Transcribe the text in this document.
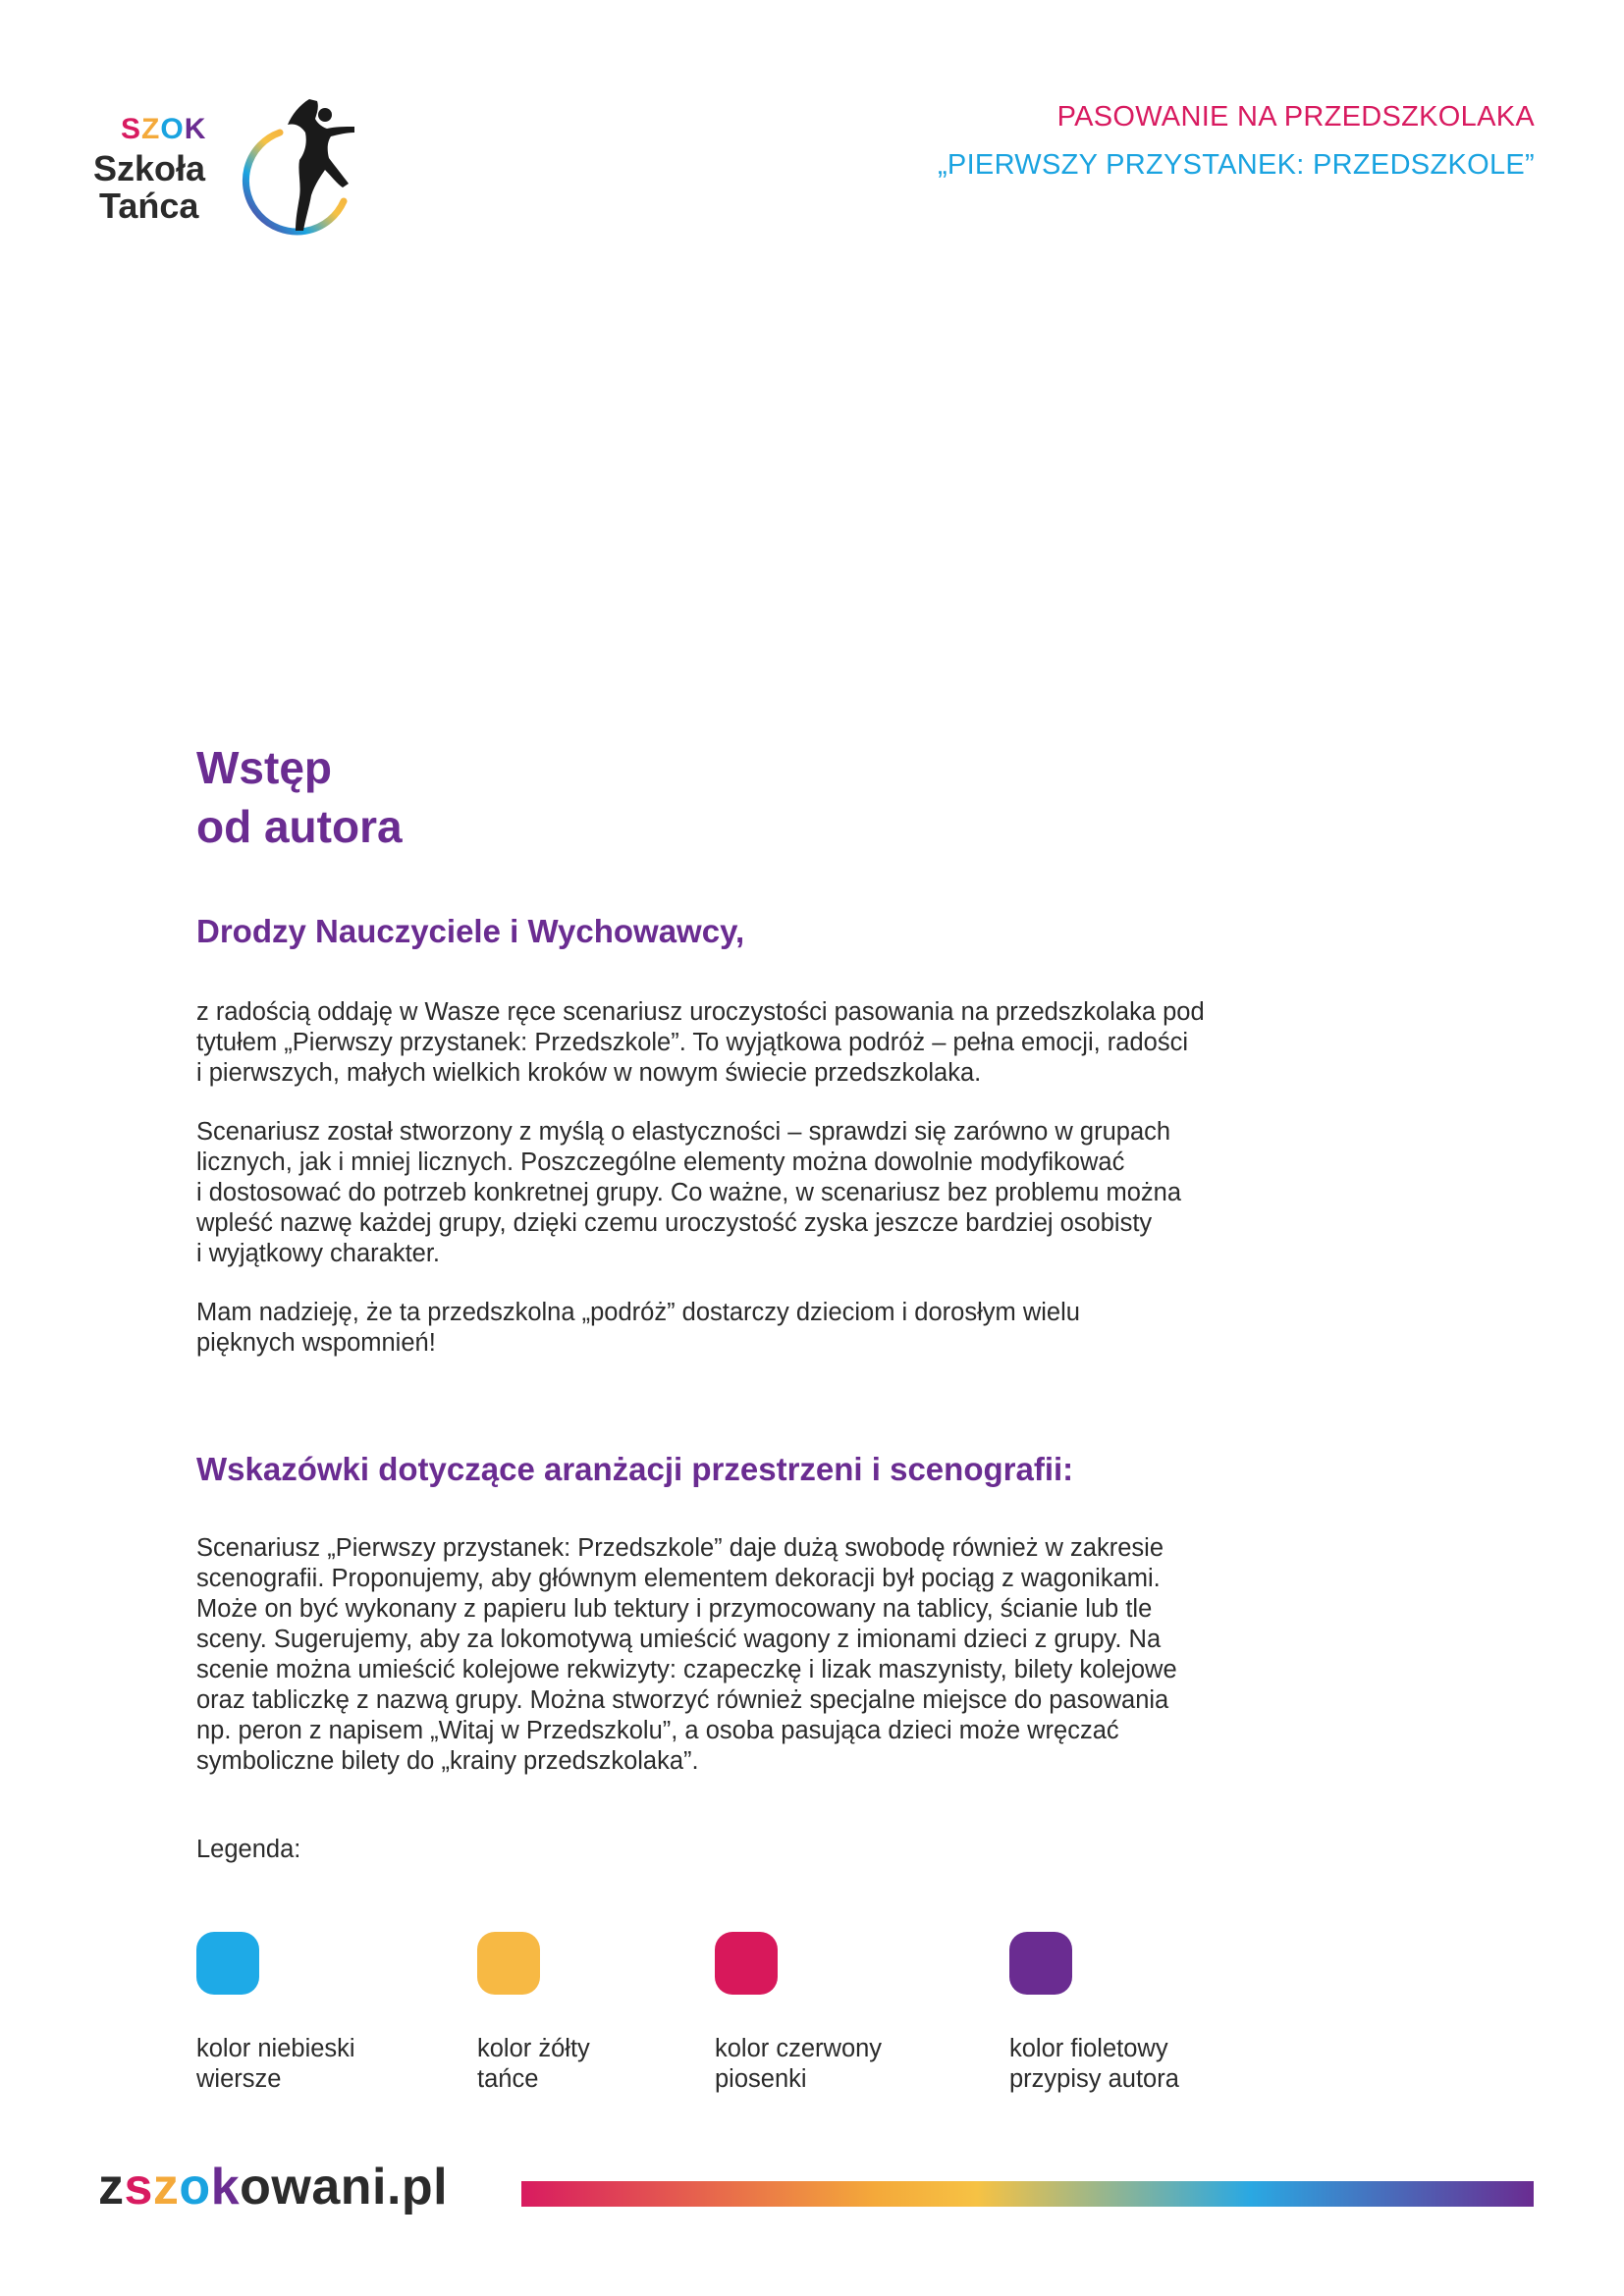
SZOK
Szkoła
Tańca
PASOWANIE NA PRZEDSZKOLAKA
„PIERWSZY PRZYSTANEK: PRZEDSZKOLE”
Wstęp
od autora
Drodzy Nauczyciele i Wychowawcy,
z radością oddaję w Wasze ręce scenariusz uroczystości pasowania na przedszkolaka pod
tytułem „Pierwszy przystanek: Przedszkole”. To wyjątkowa podróż – pełna emocji, radości
i pierwszych, małych wielkich kroków w nowym świecie przedszkolaka.
Scenariusz został stworzony z myślą o elastyczności – sprawdzi się zarówno w grupach
licznych, jak i mniej licznych. Poszczególne elementy można dowolnie modyfikować
i dostosować do potrzeb konkretnej grupy. Co ważne, w scenariusz bez problemu można
wpleść nazwę każdej grupy, dzięki czemu uroczystość zyska jeszcze bardziej osobisty
i wyjątkowy charakter.
Mam nadzieję, że ta przedszkolna „podróż” dostarczy dzieciom i dorosłym wielu
pięknych wspomnień!
Wskazówki dotyczące aranżacji przestrzeni i scenografii:
Scenariusz „Pierwszy przystanek: Przedszkole” daje dużą swobodę również w zakresie
scenografii. Proponujemy, aby głównym elementem dekoracji był pociąg z wagonikami.
Może on być wykonany z papieru lub tektury i przymocowany na tablicy, ścianie lub tle
sceny. Sugerujemy, aby za lokomotywą umieścić wagony z imionami dzieci z grupy. Na
scenie można umieścić kolejowe rekwizyty: czapeczkę i lizak maszynisty, bilety kolejowe
oraz tabliczkę z nazwą grupy. Można stworzyć również specjalne miejsce do pasowania
np. peron z napisem „Witaj w Przedszkolu”, a osoba pasująca dzieci może wręczać
symboliczne bilety do „krainy przedszkolaka”.
Legenda:
kolor niebieski
wiersze
kolor żółty
tańce
kolor czerwony
piosenki
kolor fioletowy
przypisy autora
zszokowani.pl
